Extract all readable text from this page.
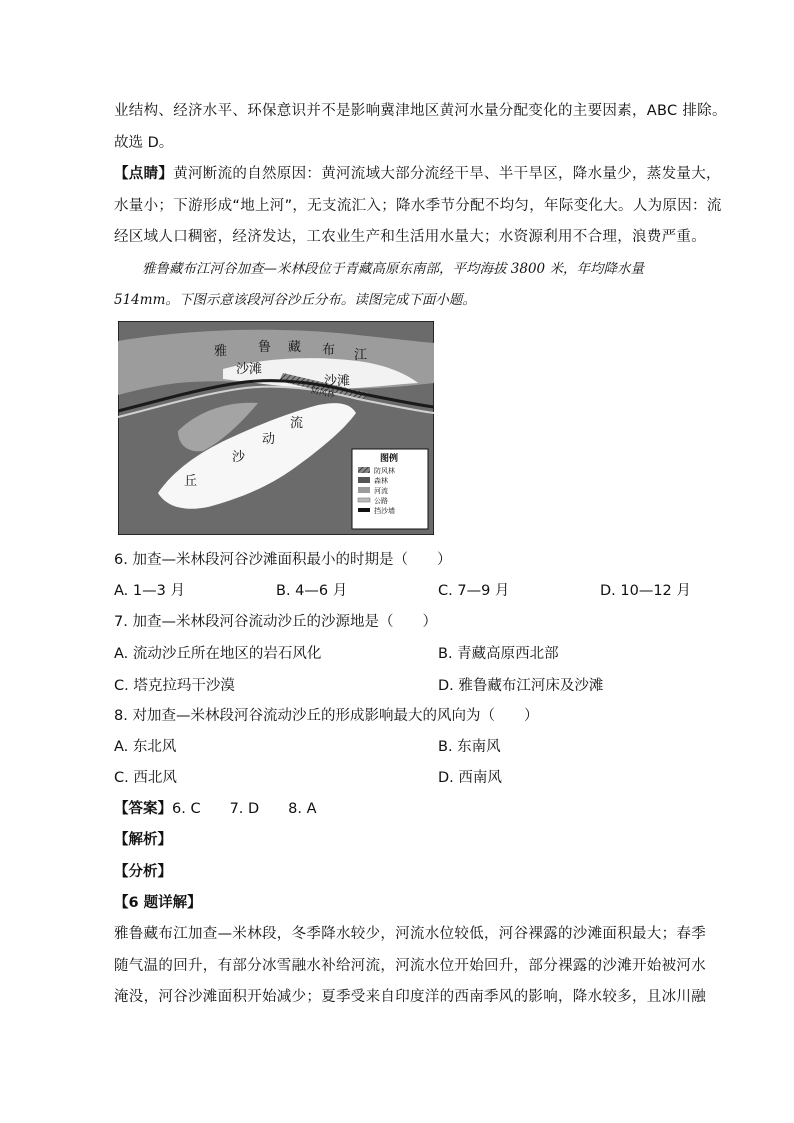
业结构、经济水平、环保意识并不是影响冀津地区黄河水量分配变化的主要因素，ABC 排除。
故选 D。
【点睛】黄河断流的自然原因：黄河流域大部分流经干旱、半干旱区，降水量少，蒸发量大，
水量小；下游形成“地上河”，无支流汇入；降水季节分配不均匀，年际变化大。人为原因：流
经区域人口稠密，经济发达，工农业生产和生活用水量大；水资源利用不合理，浪费严重。
雅鲁藏布江河谷加查—米林段位于青藏高原东南部，平均海拔 3800 米，年均降水量
514mm。下图示意该段河谷沙丘分布。读图完成下面小题。
雅 鲁 藏 布 江
沙滩
沙滩
防风林
流
动
沙
丘
图例
防风林
森林
河流
公路
挡沙墙
6. 加查—米林段河谷沙滩面积最小的时期是（　　）
A. 1—3 月	B. 4—6 月	C. 7—9 月	D. 10—12 月
7. 加查—米林段河谷流动沙丘的沙源地是（　　）
A. 流动沙丘所在地区的岩石风化	B. 青藏高原西北部
C. 塔克拉玛干沙漠	D. 雅鲁藏布江河床及沙滩
8. 对加查—米林段河谷流动沙丘的形成影响最大的风向为（　　）
A. 东北风	B. 东南风
C. 西北风	D. 西南风
【答案】6. C　　7. D　　8. A
【解析】
【分析】
【6 题详解】
雅鲁藏布江加查—米林段，冬季降水较少，河流水位较低，河谷裸露的沙滩面积最大；春季
随气温的回升，有部分冰雪融水补给河流，河流水位开始回升，部分裸露的沙滩开始被河水
淹没，河谷沙滩面积开始减少；夏季受来自印度洋的西南季风的影响，降水较多，且冰川融
